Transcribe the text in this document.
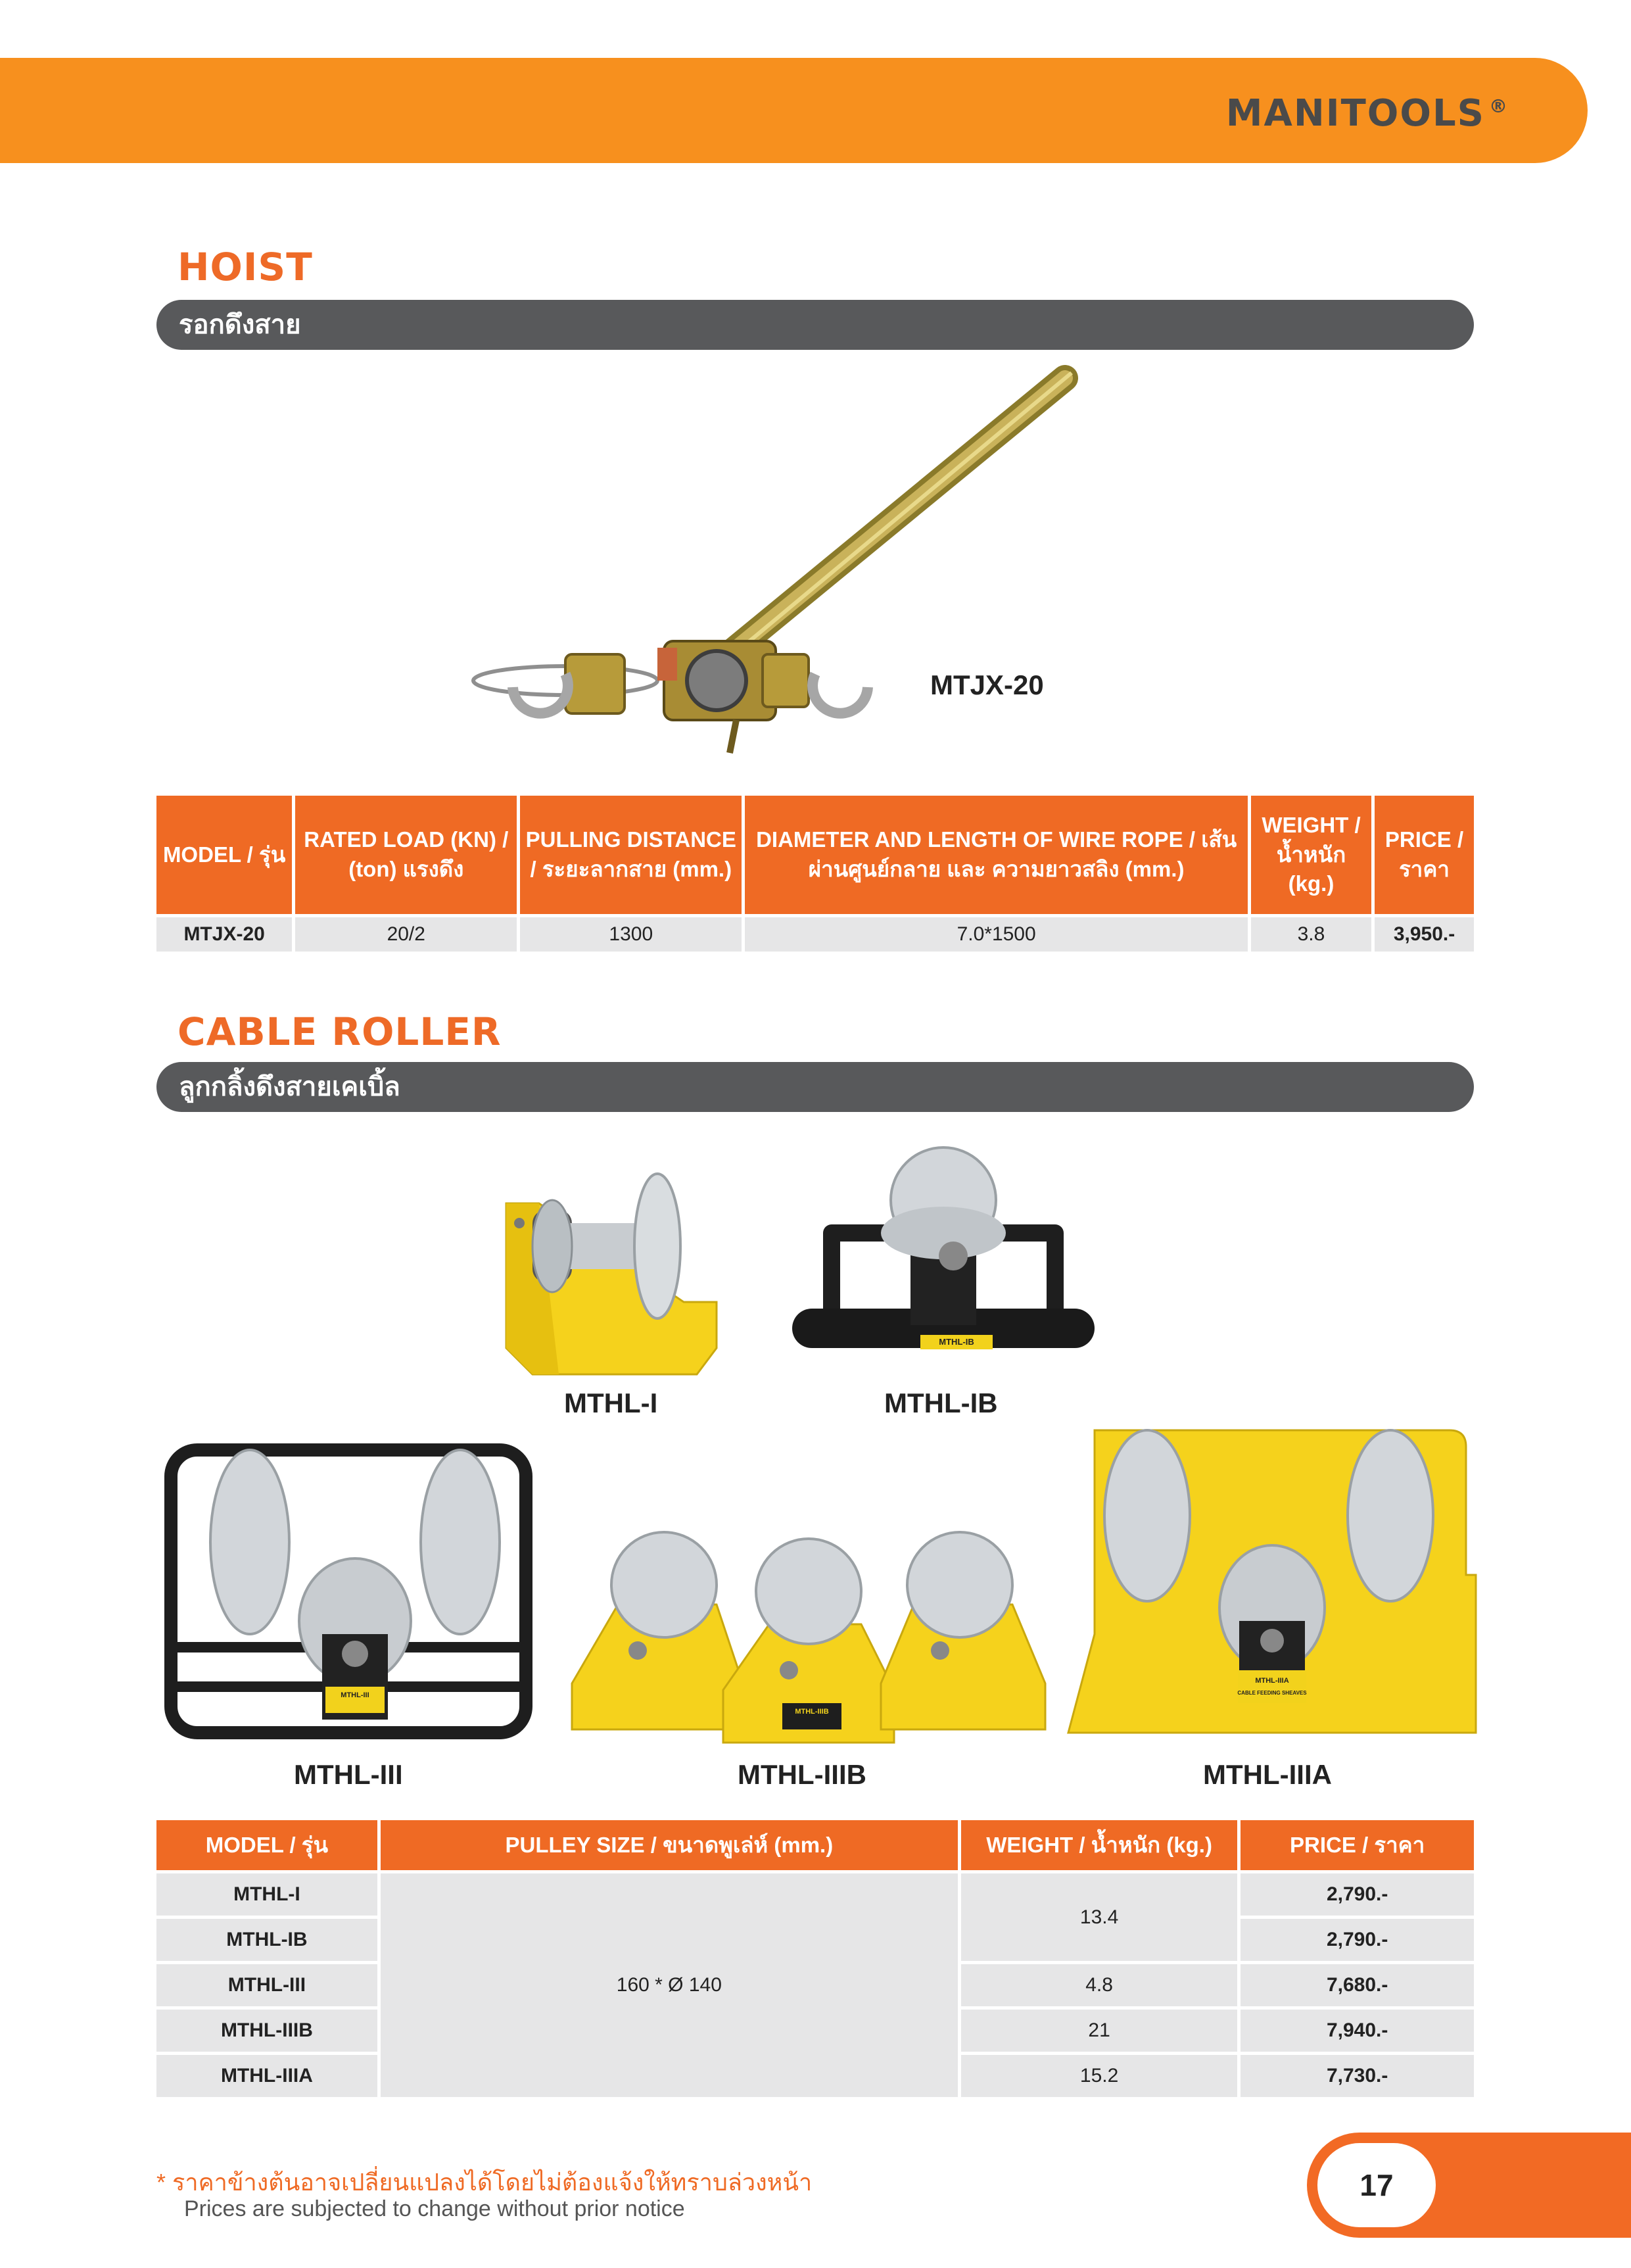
MANITOOLS ®
HOIST
รอกดึงสาย
MTJX-20
MODEL / รุ่น	RATED LOAD (KN) / (ton) แรงดึง	PULLING DISTANCE / ระยะลากสาย (mm.)	DIAMETER AND LENGTH OF WIRE ROPE / เส้นผ่านศูนย์กลาย และ ความยาวสลิง (mm.)	WEIGHT / น้ำหนัก (kg.)	PRICE / ราคา
MTJX-20	20/2	1300	7.0*1500	3.8	3,950.-
CABLE ROLLER
ลูกกลิ้งดึงสายเคเบิ้ล
MTHL-IB
MTHL-I	MTHL-IB
MTHL-III
MTHL-IIIB
MTHL-IIIA
CABLE FEEDING SHEAVES
MTHL-III	MTHL-IIIB	MTHL-IIIA
MODEL / รุ่น	PULLEY SIZE / ขนาดพูเล่ห์ (mm.)	WEIGHT / น้ำหนัก (kg.)	PRICE / ราคา
MTHL-I	160 * Ø 140	13.4	2,790.-
MTHL-IB			2,790.-
MTHL-III		4.8	7,680.-
MTHL-IIIB		21	7,940.-
MTHL-IIIA		15.2	7,730.-
* ราคาข้างต้นอาจเปลี่ยนแปลงได้โดยไม่ต้องแจ้งให้ทราบล่วงหน้า
Prices are subjected to change without prior notice
17
